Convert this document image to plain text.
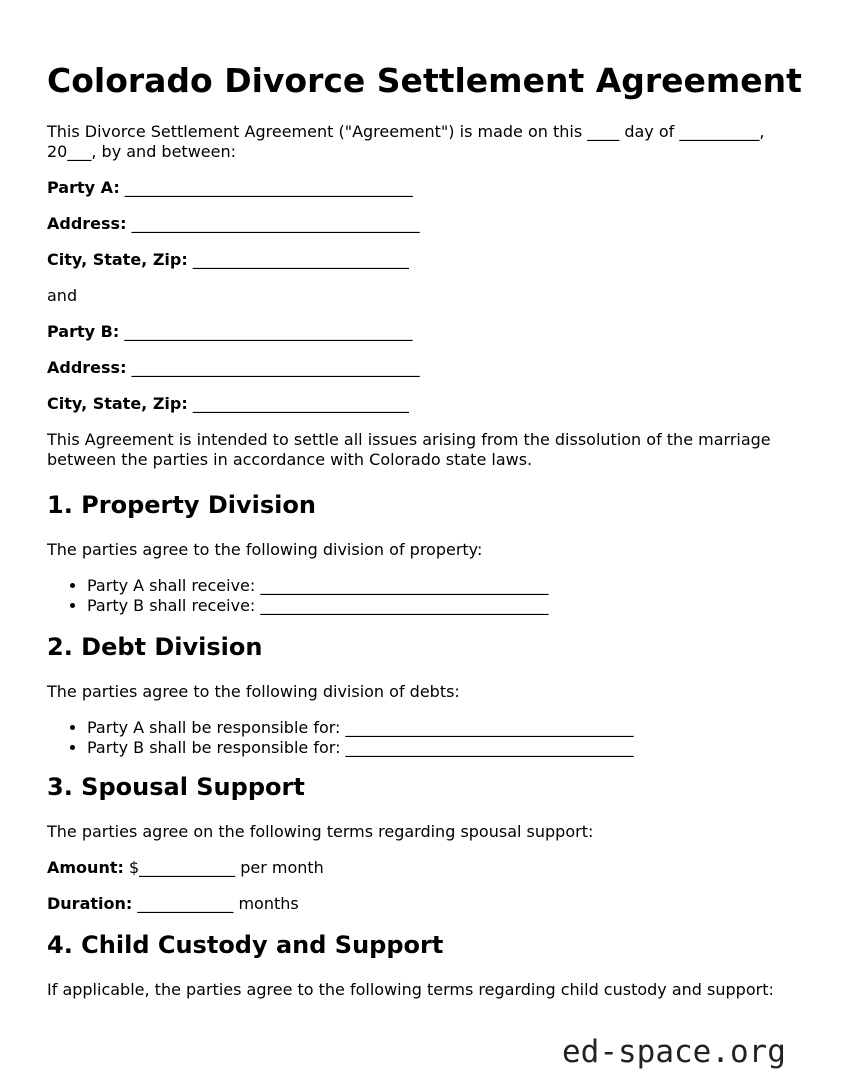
Colorado Divorce Settlement Agreement

This Divorce Settlement Agreement ("Agreement") is made on this ____ day of __________, 20___, by and between:

Party A: ____________________________________

Address: ____________________________________

City, State, Zip: ___________________________

and

Party B: ____________________________________

Address: ____________________________________

City, State, Zip: ___________________________

This Agreement is intended to settle all issues arising from the dissolution of the marriage between the parties in accordance with Colorado state laws.

1. Property Division

The parties agree to the following division of property:

• Party A shall receive: ____________________________________
• Party B shall receive: ____________________________________
2. Debt Division

The parties agree to the following division of debts:

• Party A shall be responsible for: ____________________________________
• Party B shall be responsible for: ____________________________________
3. Spousal Support

The parties agree on the following terms regarding spousal support:

Amount: $____________ per month

Duration: ____________ months

4. Child Custody and Support

If applicable, the parties agree to the following terms regarding child custody and support:

ed-space.org
